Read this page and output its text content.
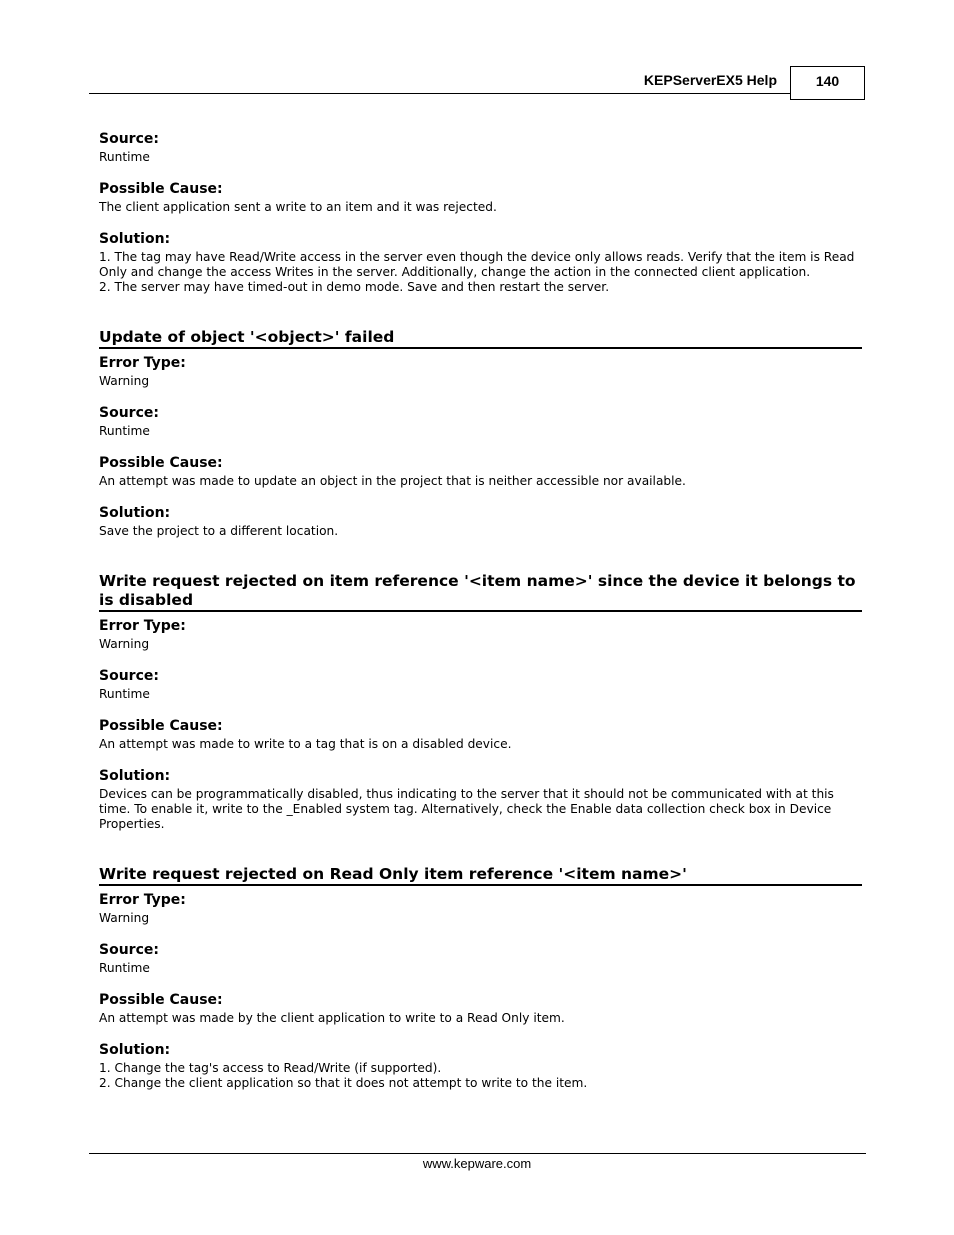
KEPServerEX5 Help	140

Source:

Runtime

Possible Cause:

The client application sent a write to an item and it was rejected.

Solution:

1. The tag may have Read/Write access in the server even though the device only allows reads. Verify that the item is Read Only and change the access Writes in the server. Additionally, change the action in the connected client application.
2. The server may have timed-out in demo mode. Save and then restart the server.
Update of object '<object>' failed

Error Type:

Warning

Source:

Runtime

Possible Cause:

An attempt was made to update an object in the project that is neither accessible nor available.

Solution:

Save the project to a different location.
Write request rejected on item reference '<item name>' since the device it belongs to is disabled

Error Type:

Warning

Source:

Runtime

Possible Cause:

An attempt was made to write to a tag that is on a disabled device.

Solution:

Devices can be programmatically disabled, thus indicating to the server that it should not be communicated with at this time. To enable it, write to the _Enabled system tag. Alternatively, check the Enable data collection check box in Device Properties.
Write request rejected on Read Only item reference '<item name>'

Error Type:

Warning

Source:

Runtime

Possible Cause:

An attempt was made by the client application to write to a Read Only item.

Solution:

1. Change the tag's access to Read/Write (if supported).
2. Change the client application so that it does not attempt to write to the item.
www.kepware.com
